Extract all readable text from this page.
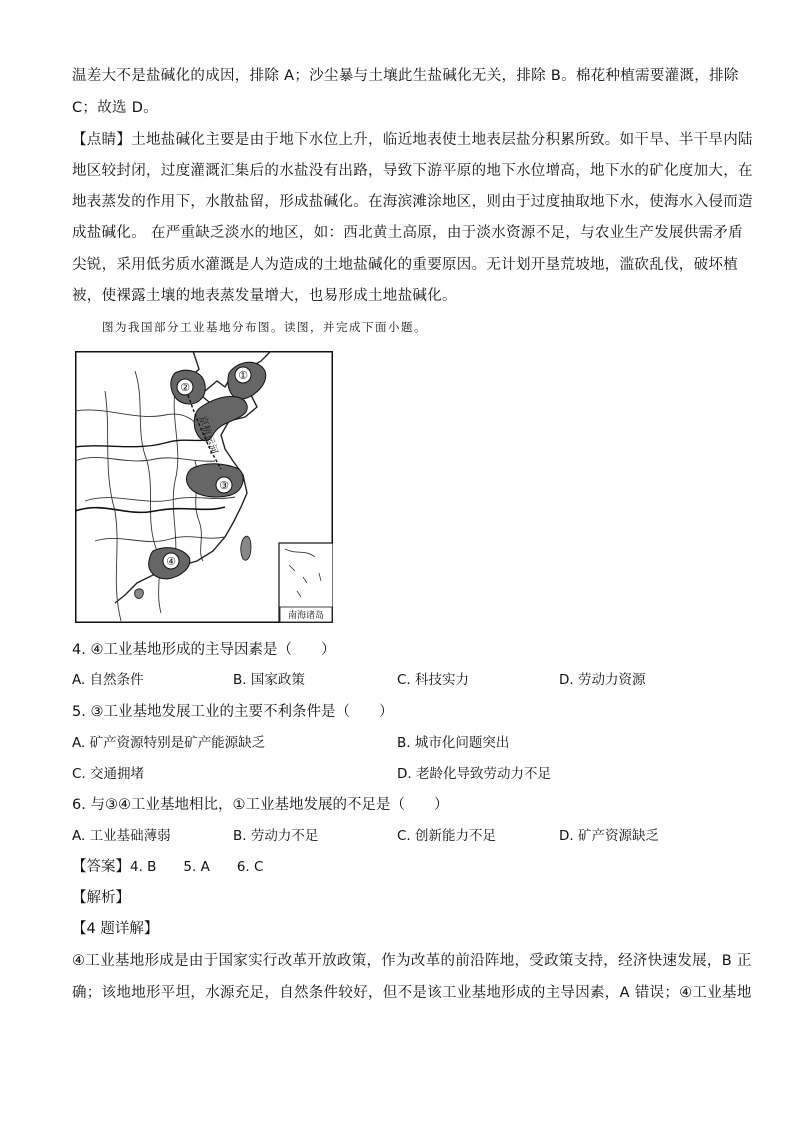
温差大不是盐碱化的成因，排除 A；沙尘暴与土壤此生盐碱化无关，排除 B。棉花种植需要灌溉，排除
C；故选 D。
【点睛】土地盐碱化主要是由于地下水位上升，临近地表使土地表层盐分积累所致。如干旱、半干旱内陆
地区较封闭，过度灌溉汇集后的水盐没有出路，导致下游平原的地下水位增高，地下水的矿化度加大，在
地表蒸发的作用下，水散盐留，形成盐碱化。在海滨滩涂地区，则由于过度抽取地下水，使海水入侵而造
成盐碱化。 在严重缺乏淡水的地区，如：西北黄土高原，由于淡水资源不足，与农业生产发展供需矛盾
尖锐，采用低劣质水灌溉是人为造成的土地盐碱化的重要原因。无计划开垦荒坡地，滥砍乱伐，破坏植
被，使裸露土壤的地表蒸发量增大，也易形成土地盐碱化。
图为我国部分工业基地分布图。读图，并完成下面小题。
①
②
③
④
京杭运河
南海诸岛
4. ④工业基地形成的主导因素是（　　）
A. 自然条件	B. 国家政策	C. 科技实力	D. 劳动力资源
5. ③工业基地发展工业的主要不利条件是（　　）
A. 矿产资源特别是矿产能源缺乏	B. 城市化问题突出
C. 交通拥堵	D. 老龄化导致劳动力不足
6. 与③④工业基地相比，①工业基地发展的不足是（　　）
A. 工业基础薄弱	B. 劳动力不足	C. 创新能力不足	D. 矿产资源缺乏
【答案】4. B　　5. A　　6. C
【解析】
【4 题详解】
④工业基地形成是由于国家实行改革开放政策，作为改革的前沿阵地，受政策支持，经济快速发展，B 正
确；该地地形平坦，水源充足，自然条件较好，但不是该工业基地形成的主导因素，A 错误；④工业基地
